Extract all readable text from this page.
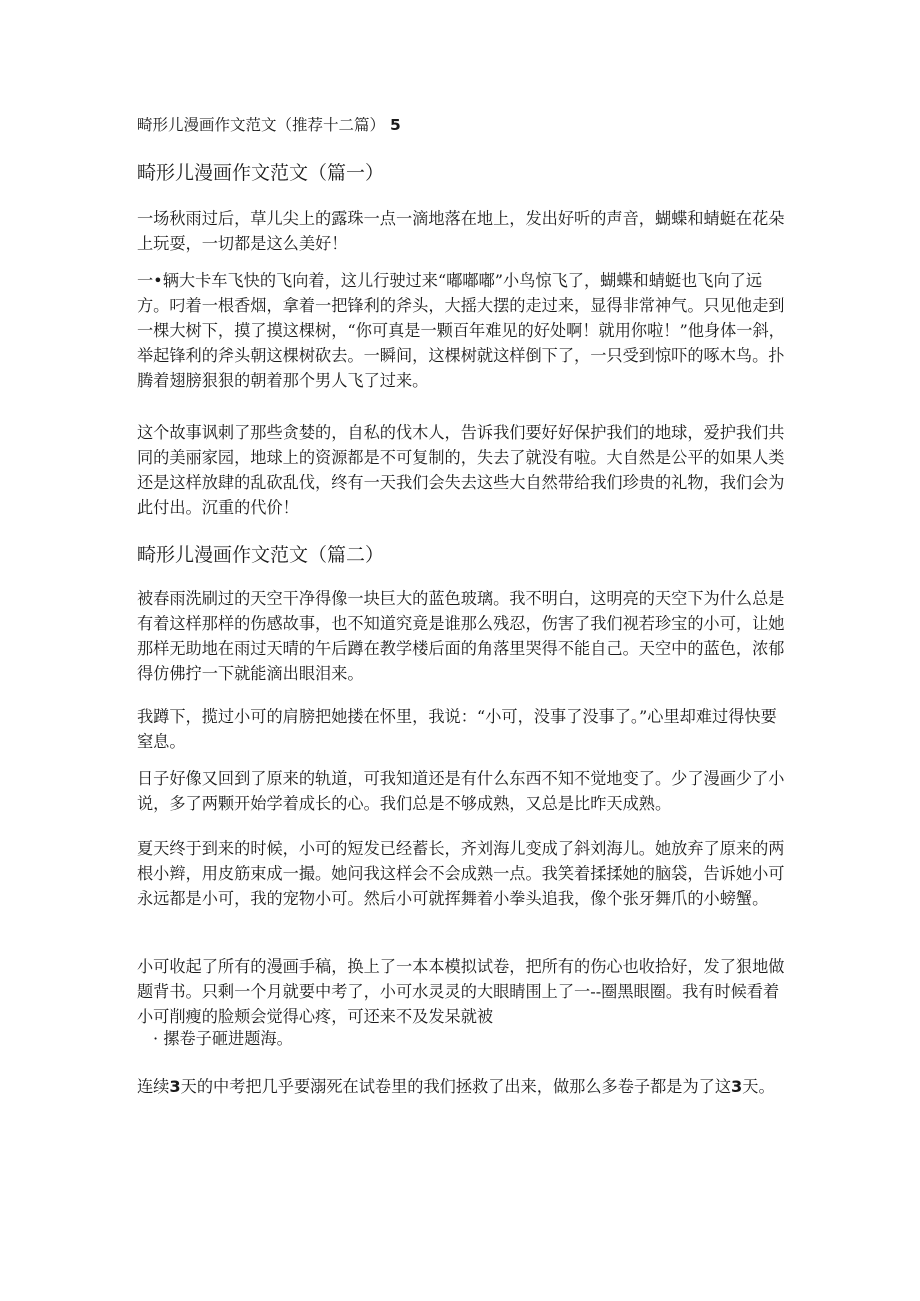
畸形儿漫画作文范文（推荐十二篇） 5
畸形儿漫画作文范文（篇一）

一场秋雨过后，草儿尖上的露珠一点一滴地落在地上，发出好听的声音，蝴蝶和蜻蜓在花朵上玩耍，一切都是这么美好！

一•辆大卡车飞快的飞向着，这儿行驶过来“嘟嘟嘟”小鸟惊飞了，蝴蝶和蜻蜓也飞向了远方。叼着一根香烟，拿着一把锋利的斧头，大摇大摆的走过来，显得非常神气。只见他走到一棵大树下，摸了摸这棵树，“你可真是一颗百年难见的好处啊！就用你啦！”他身体一斜，举起锋利的斧头朝这棵树砍去。一瞬间，这棵树就这样倒下了，一只受到惊吓的啄木鸟。扑腾着翅膀狠狠的朝着那个男人飞了过来。

这个故事讽刺了那些贪婪的，自私的伐木人，告诉我们要好好保护我们的地球，爱护我们共同的美丽家园，地球上的资源都是不可复制的，失去了就没有啦。大自然是公平的如果人类还是这样放肆的乱砍乱伐，终有一天我们会失去这些大自然带给我们珍贵的礼物，我们会为此付出。沉重的代价！

畸形儿漫画作文范文（篇二）

被春雨洗刷过的天空干净得像一块巨大的蓝色玻璃。我不明白，这明亮的天空下为什么总是有着这样那样的伤感故事，也不知道究竟是谁那么残忍，伤害了我们视若珍宝的小可，让她那样无助地在雨过天晴的午后蹲在教学楼后面的角落里哭得不能自己。天空中的蓝色，浓郁得仿佛拧一下就能滴出眼泪来。

我蹲下，揽过小可的肩膀把她搂在怀里，我说：“小可，没事了没事了。”心里却难过得快要窒息。

日子好像又回到了原来的轨道，可我知道还是有什么东西不知不觉地变了。少了漫画少了小说，多了两颗开始学着成长的心。我们总是不够成熟，又总是比昨天成熟。

夏天终于到来的时候，小可的短发已经蓄长，齐刘海儿变成了斜刘海儿。她放弃了原来的两根小辫，用皮筋束成一撮。她问我这样会不会成熟一点。我笑着揉揉她的脑袋，告诉她小可永远都是小可，我的宠物小可。然后小可就挥舞着小拳头追我，像个张牙舞爪的小螃蟹。

小可收起了所有的漫画手稿，换上了一本本模拟试卷，把所有的伤心也收拾好，发了狠地做题背书。只剩一个月就要中考了，小可水灵灵的大眼睛围上了一--圈黑眼圈。我有时候看着小可削瘦的脸颊会觉得心疼，可还来不及发呆就被

· 摞卷子砸进题海。

连续3天的中考把几乎要溺死在试卷里的我们拯救了出来，做那么多卷子都是为了这3天。
